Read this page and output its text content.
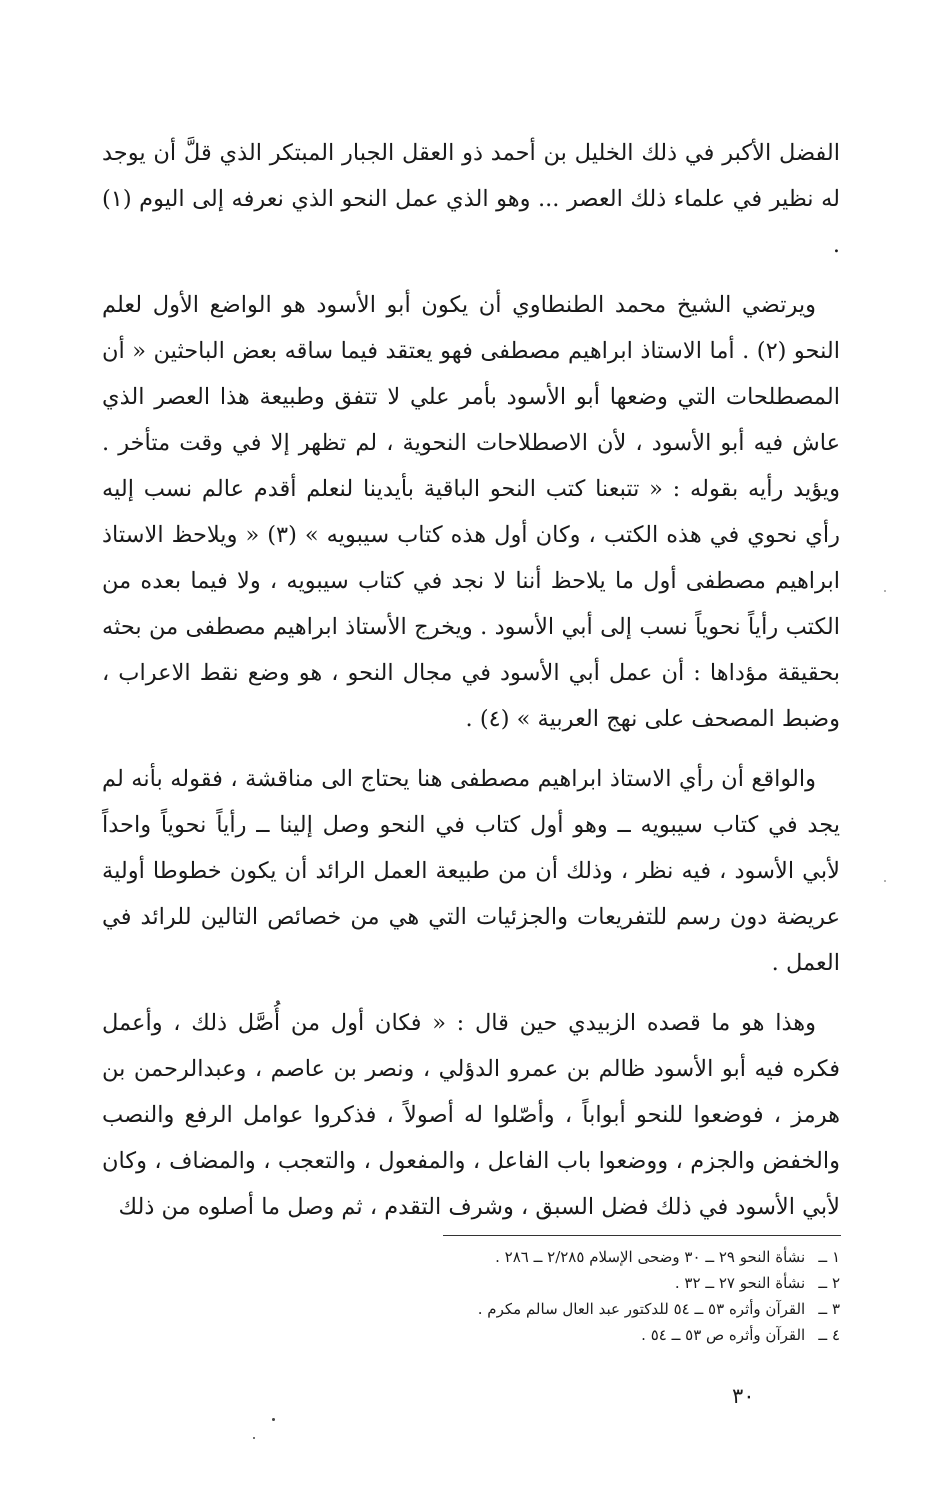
الفضل الأكبر في ذلك الخليل بن أحمد ذو العقل الجبار المبتكر الذي قلَّ أن يوجد له نظير في علماء ذلك العصر ... وهو الذي عمل النحو الذي نعرفه إلى اليوم (١) .

ويرتضي الشيخ محمد الطنطاوي أن يكون أبو الأسود هو الواضع الأول لعلم النحو (٢) . أما الاستاذ ابراهيم مصطفى فهو يعتقد فيما ساقه بعض الباحثين « أن المصطلحات التي وضعها أبو الأسود بأمر علي لا تتفق وطبيعة هذا العصر الذي عاش فيه أبو الأسود ، لأن الاصطلاحات النحوية ، لم تظهر إلا في وقت متأخر . ويؤيد رأيه بقوله : « تتبعنا كتب النحو الباقية بأيدينا لنعلم أقدم عالم نسب إليه رأي نحوي في هذه الكتب ، وكان أول هذه كتاب سيبويه » (٣) « ويلاحظ الاستاذ ابراهيم مصطفى أول ما يلاحظ أننا لا نجد في كتاب سيبويه ، ولا فيما بعده من الكتب رأياً نحوياً نسب إلى أبي الأسود . ويخرج الأستاذ ابراهيم مصطفى من بحثه بحقيقة مؤداها : أن عمل أبي الأسود في مجال النحو ، هو وضع نقط الاعراب ، وضبط المصحف على نهج العربية » (٤) .

والواقع أن رأي الاستاذ ابراهيم مصطفى هنا يحتاج الى مناقشة ، فقوله بأنه لم يجد في كتاب سيبويه ــ وهو أول كتاب في النحو وصل إلينا ــ رأياً نحوياً واحداً لأبي الأسود ، فيه نظر ، وذلك أن من طبيعة العمل الرائد أن يكون خطوطا أولية عريضة دون رسم للتفريعات والجزئيات التي هي من خصائص التالين للرائد في العمل .

وهذا هو ما قصده الزبيدي حين قال : « فكان أول من أُصَّل ذلك ، وأعمل فكره فيه أبو الأسود ظالم بن عمرو الدؤلي ، ونصر بن عاصم ، وعبدالرحمن بن هرمز ، فوضعوا للنحو أبواباً ، وأصّلوا له أصولاً ، فذكروا عوامل الرفع والنصب والخفض والجزم ، ووضعوا باب الفاعل ، والمفعول ، والتعجب ، والمضاف ، وكان لأبي الأسود في ذلك فضل السبق ، وشرف التقدم ، ثم وصل ما أصلوه من ذلك

١ ــ نشأة النحو ٢٩ ــ ٣٠ وضحى الإسلام ٢/٢٨٥ ــ ٢٨٦ .

٢ ــ نشأة النحو ٢٧ ــ ٣٢ .

٣ ــ القرآن وأثره ٥٣ ــ ٥٤ للدكتور عبد العال سالم مكرم .

٤ ــ القرآن وأثره ص ٥٣ ــ ٥٤ .

٣٠
